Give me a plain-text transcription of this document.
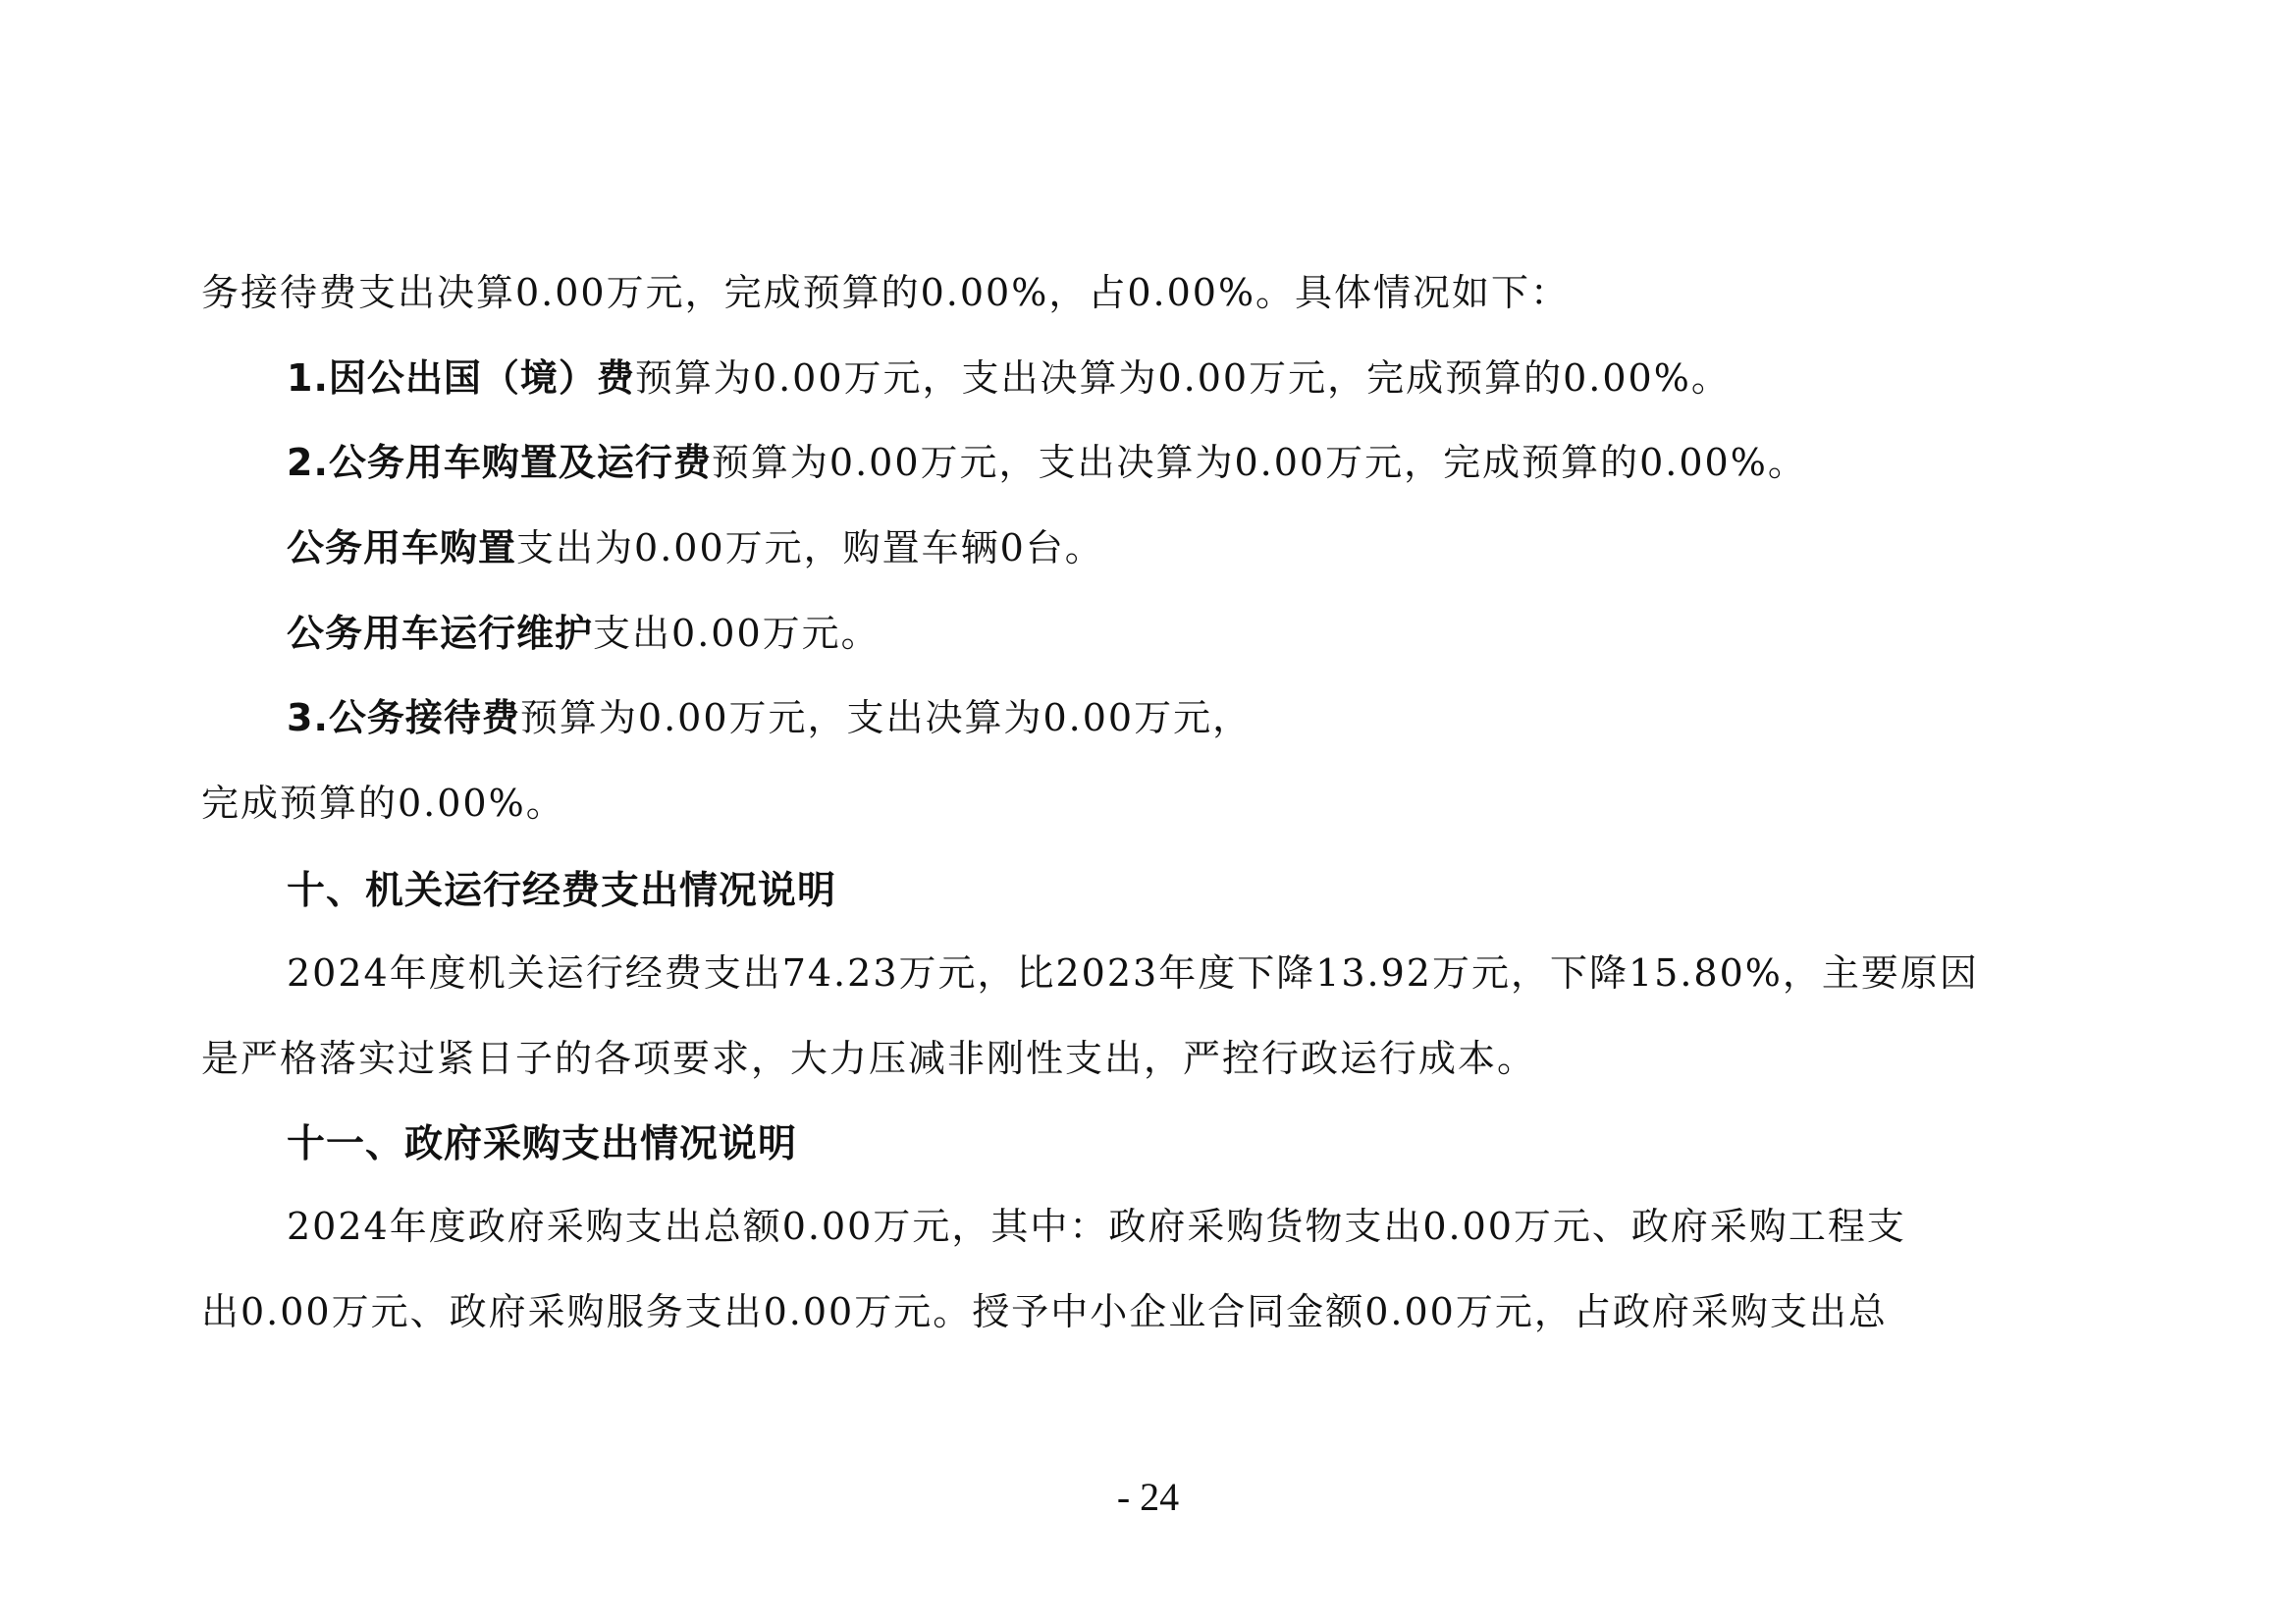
务接待费支出决算0.00万元，完成预算的0.00%，占0.00%。具体情况如下：
1.因公出国（境）费预算为0.00万元，支出决算为0.00万元，完成预算的0.00%。
2.公务用车购置及运行费预算为0.00万元，支出决算为0.00万元，完成预算的0.00%。
公务用车购置支出为0.00万元，购置车辆0台。
公务用车运行维护支出0.00万元。
3.公务接待费预算为0.00万元，支出决算为0.00万元，
完成预算的0.00%。
十、机关运行经费支出情况说明
2024年度机关运行经费支出74.23万元，比2023年度下降13.92万元，下降15.80%，主要原因
是严格落实过紧日子的各项要求，大力压减非刚性支出，严控行政运行成本。
十一、政府采购支出情况说明
2024年度政府采购支出总额0.00万元，其中：政府采购货物支出0.00万元、政府采购工程支
出0.00万元、政府采购服务支出0.00万元。授予中小企业合同金额0.00万元，占政府采购支出总
- 24
